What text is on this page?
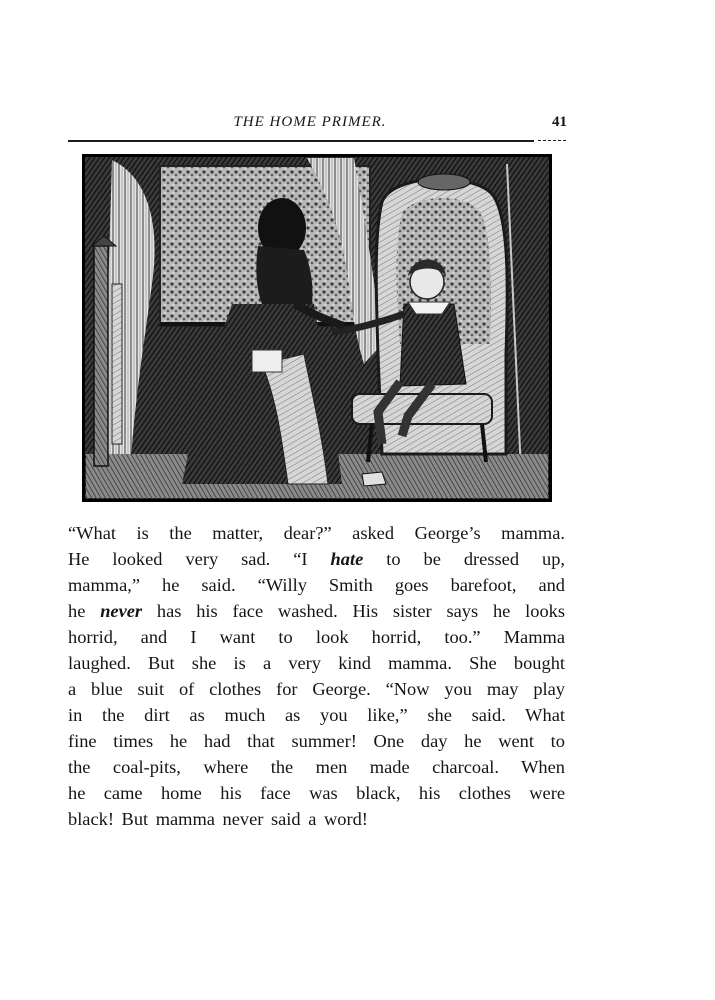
THE HOME PRIMER.	41
“What is the matter, dear?” asked George’s mamma.
He looked very sad. “I hate to be dressed up,
mamma,” he said. “Willy Smith goes barefoot, and
he never has his face washed. His sister says he looks
horrid, and I want to look horrid, too.” Mamma
laughed. But she is a very kind mamma. She bought
a blue suit of clothes for George. “Now you may play
in the dirt as much as you like,” she said. What
fine times he had that summer! One day he went to
the coal-pits, where the men made charcoal. When
he came home his face was black, his clothes were
black! But mamma never said a word!
